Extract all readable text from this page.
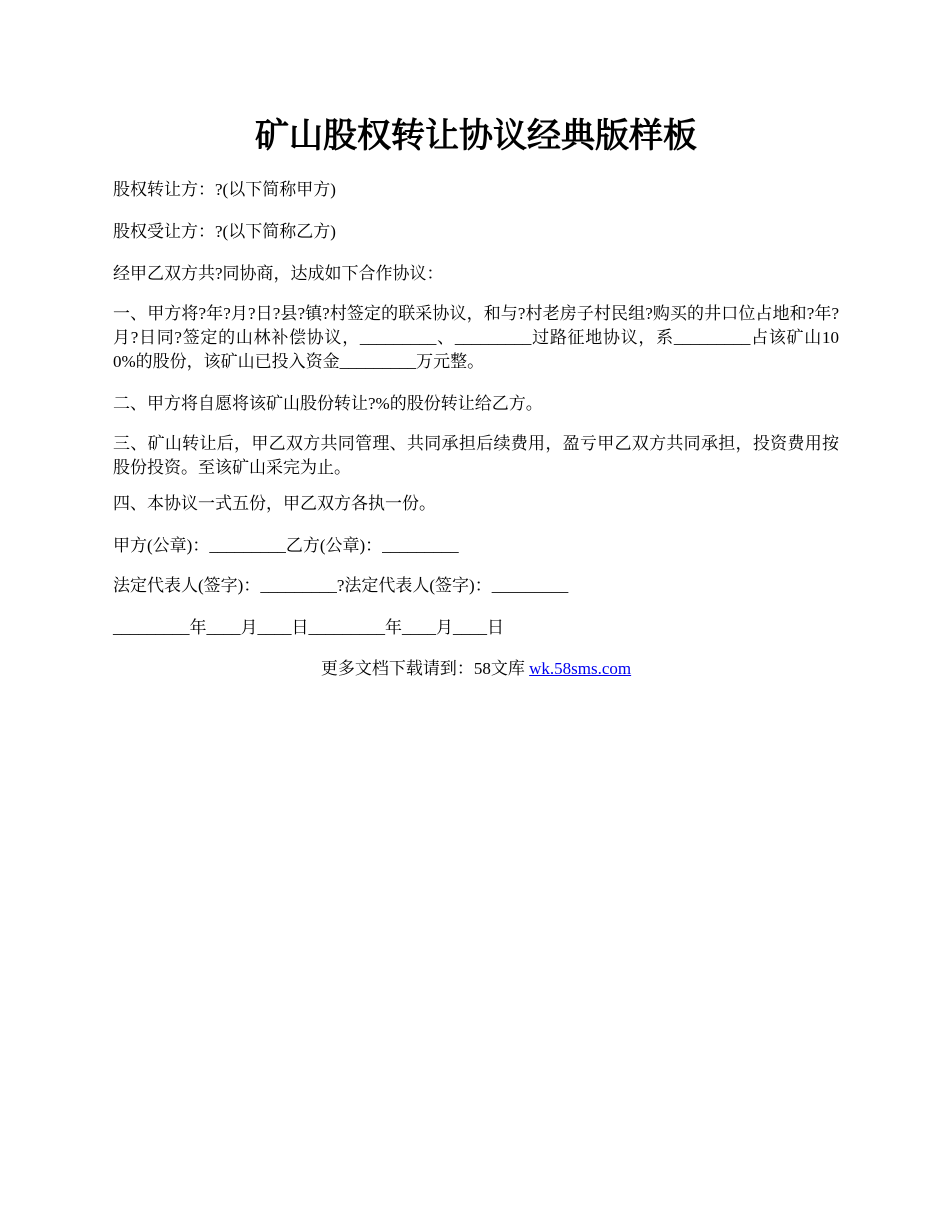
矿山股权转让协议经典版样板

股权转让方：?(以下简称甲方)

股权受让方：?(以下简称乙方)

经甲乙双方共?同协商，达成如下合作协议：

一、甲方将?年?月?日?县?镇?村签定的联采协议，和与?村老房子村民组?购买的井口位占地和?年?月?日同?签定的山林补偿协议，_________、_________过路征地协议，系_________占该矿山100%的股份，该矿山已投入资金_________万元整。

二、甲方将自愿将该矿山股份转让?%的股份转让给乙方。

三、矿山转让后，甲乙双方共同管理、共同承担后续费用，盈亏甲乙双方共同承担，投资费用按股份投资。至该矿山采完为止。

四、本协议一式五份，甲乙双方各执一份。

甲方(公章)：_________乙方(公章)：_________

法定代表人(签字)：_________?法定代表人(签字)：_________

_________年____月____日_________年____月____日

更多文档下载请到：58文库 wk.58sms.com
